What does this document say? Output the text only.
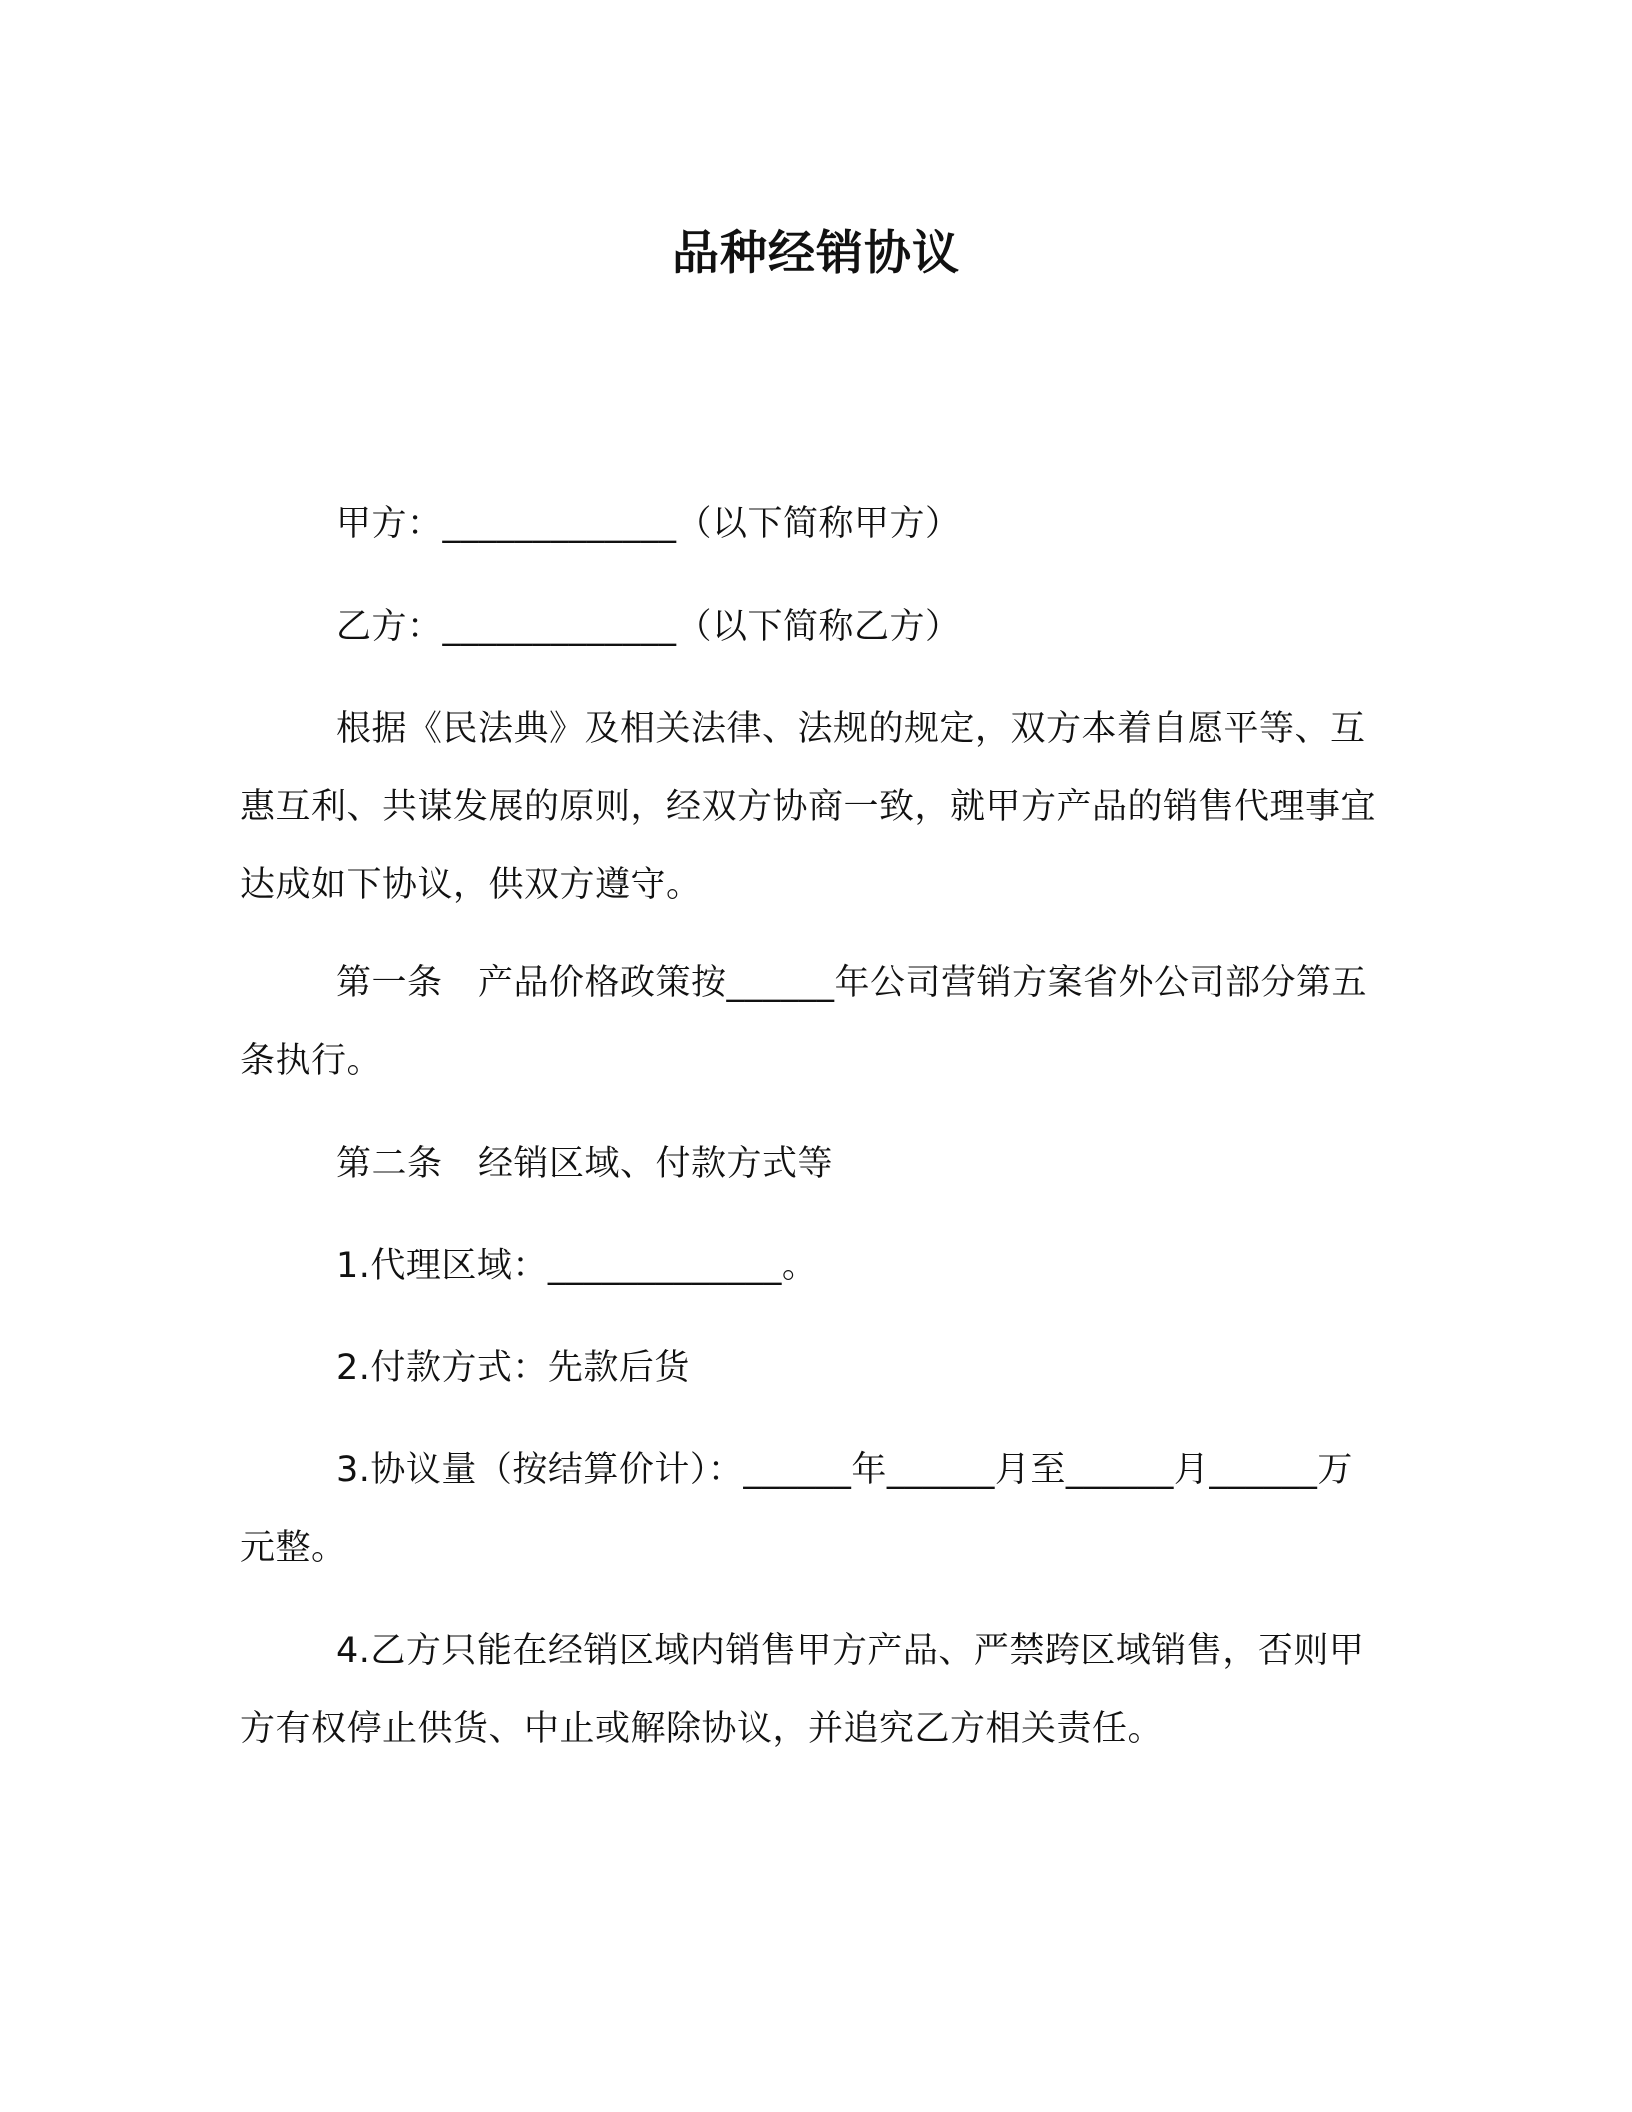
品种经销协议
甲方：_____________（以下简称甲方）
乙方：_____________（以下简称乙方）
根据《民法典》及相关法律、法规的规定，双方本着自愿平等、互惠互利、共谋发展的原则，经双方协商一致，就甲方产品的销售代理事宜达成如下协议，供双方遵守。
第一条　产品价格政策按______年公司营销方案省外公司部分第五条执行。
第二条　经销区域、付款方式等
1.代理区域：_____________。
2.付款方式：先款后货
3.协议量（按结算价计）：______年______月至______月______万元整。
4.乙方只能在经销区域内销售甲方产品、严禁跨区域销售，否则甲方有权停止供货、中止或解除协议，并追究乙方相关责任。
